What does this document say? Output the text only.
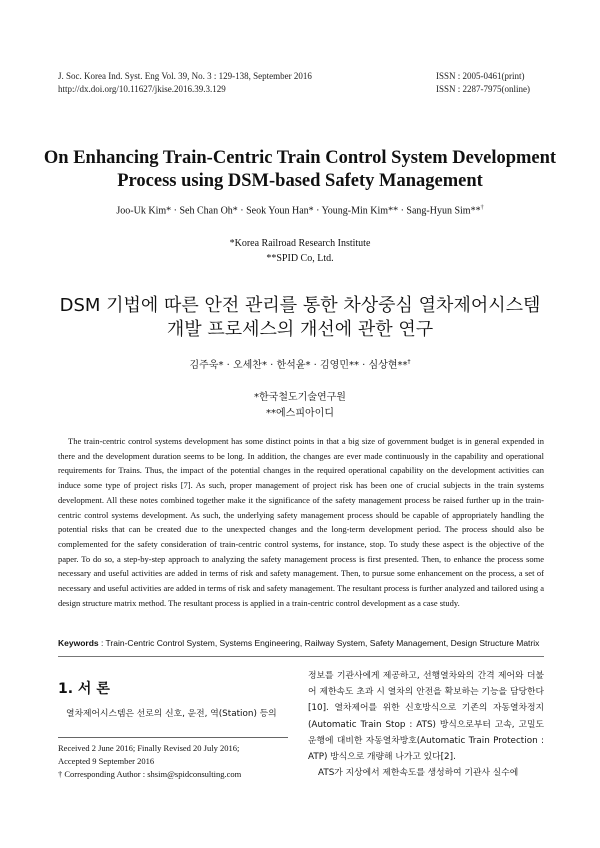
J. Soc. Korea Ind. Syst. Eng Vol. 39, No. 3 : 129-138, September 2016
http://dx.doi.org/10.11627/jkise.2016.39.3.129
ISSN : 2005-0461(print)
ISSN : 2287-7975(online)
On Enhancing Train-Centric Train Control System Development
Process using DSM-based Safety Management
Joo-Uk Kim* · Seh Chan Oh* · Seok Youn Han* · Young-Min Kim** · Sang-Hyun Sim**†
*Korea Railroad Research Institute
**SPID Co, Ltd.
DSM 기법에 따른 안전 관리를 통한 차상중심 열차제어시스템
개발 프로세스의 개선에 관한 연구
김주욱* · 오세찬* · 한석윤* · 김영민** · 심상현**†
*한국철도기술연구원
**에스피아이디
The train-centric control systems development has some distinct points in that a big size of government budget is in general expended in there and the development duration seems to be long. In addition, the changes are ever made continuously in the capability and operational requirements for Trains. Thus, the impact of the potential changes in the required operational capability on the development activities can induce some type of project risks [7]. As such, proper management of project risk has been one of crucial subjects in the train systems development. All these notes combined together make it the significance of the safety management process be raised further up in the train-centric control systems development. As such, the underlying safety management process should be capable of appropriately handling the potential risks that can be created due to the unexpected changes and the long-term development period. The process should also be complemented for the safety consideration of train-centric control systems, for instance, stop. To study these aspect is the objective of the paper. To do so, a step-by-step approach to analyzing the safety management process is first presented. Then, to enhance the process some necessary and useful activities are added in terms of risk and safety management. Then, to pursue some enhancement on the process, a set of necessary and useful activities are added in terms of risk and safety management. The resultant process is further analyzed and tailored using a design structure matrix method. The resultant process is applied in a train-centric control development as a case study.
Keywords : Train-Centric Control System, Systems Engineering, Railway System, Safety Management, Design Structure Matrix
1. 서 론
열차제어시스템은 선로의 신호, 운전, 역(Station) 등의
Received 2 June 2016; Finally Revised 20 July 2016;
Accepted 9 September 2016
† Corresponding Author : shsim@spidconsulting.com
정보를 기관사에게 제공하고, 선행열차와의 간격 제어와 더불어 제한속도 초과 시 열차의 안전을 확보하는 기능을 담당한다[10]. 열차제어를 위한 신호방식으로 기존의 자동열차정지(Automatic Train Stop : ATS) 방식으로부터 고속, 고밀도 운행에 대비한 자동열차방호(Automatic Train Protection : ATP) 방식으로 개량해 나가고 있다[2].
ATS가 지상에서 제한속도를 생성하여 기관사 실수에
